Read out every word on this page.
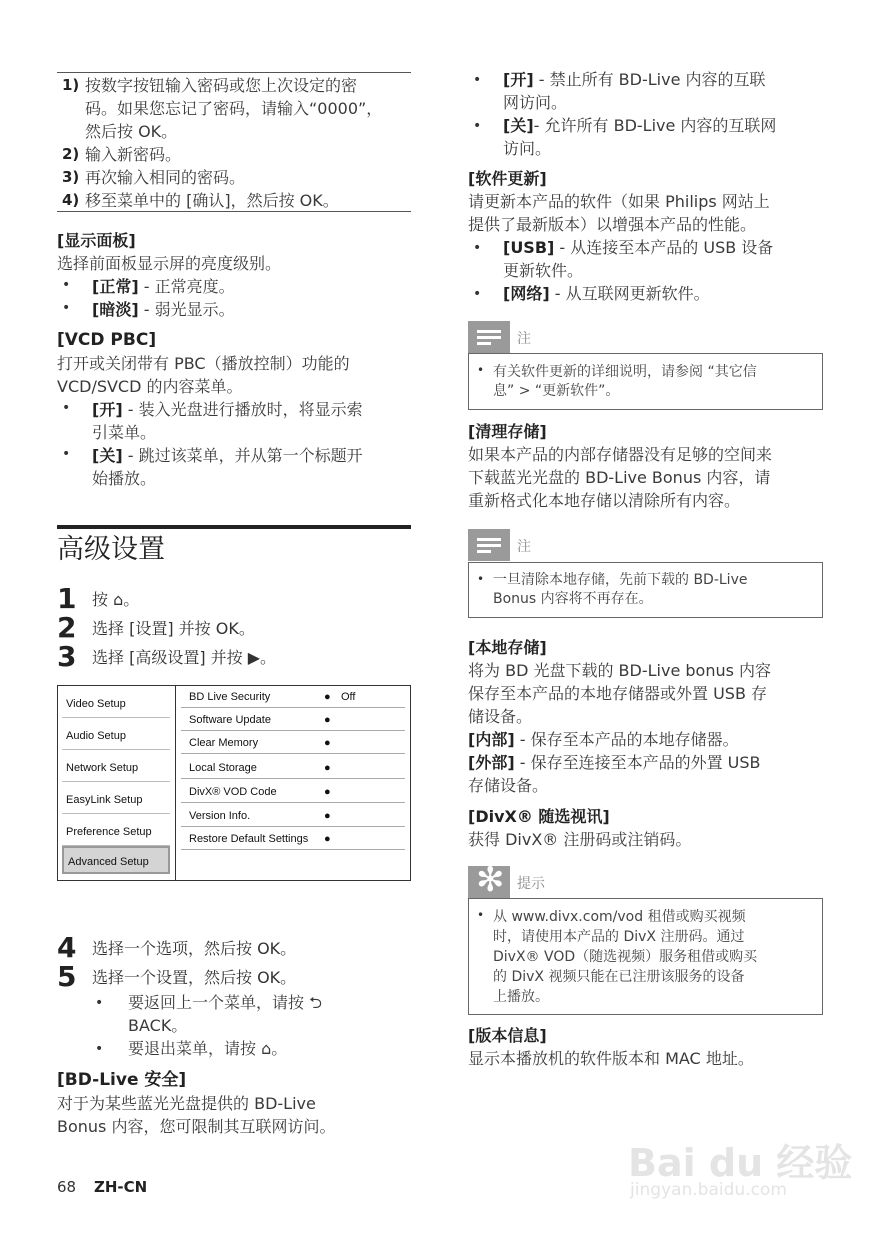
1) 按数字按钮输入密码或您上次设定的密
码。如果您忘记了密码，请输入“0000”，
然后按 OK。
2) 输入新密码。
3) 再次输入相同的密码。
4) 移至菜单中的 [确认]，然后按 OK。
[显示面板]
选择前面板显示屏的亮度级别。
• [正常] - 正常亮度。
• [暗淡] - 弱光显示。
[VCD PBC]
打开或关闭带有 PBC（播放控制）功能的
VCD/SVCD 的内容菜单。
• [开] - 装入光盘进行播放时，将显示索
引菜单。
• [关] - 跳过该菜单，并从第一个标题开
始播放。
高级设置
1 按 ⌂。
2 选择 [设置] 并按 OK。
3 选择 [高级设置] 并按 ▶。
Video Setup
Audio Setup
Network Setup
EasyLink Setup
Preference Setup
Advanced Setup
BD Live Security	● Off
Software Update	●
Clear Memory	●
Local Storage	●
DivX® VOD Code	●
Version Info.	●
Restore Default Settings ●
4 选择一个选项，然后按 OK。
5 选择一个设置，然后按 OK。
• 要返回上一个菜单，请按 ⮌
BACK。
• 要退出菜单，请按 ⌂。
[BD-Live 安全]
对于为某些蓝光光盘提供的 BD-Live
Bonus 内容，您可限制其互联网访问。
68 ZH-CN
• [开] - 禁止所有 BD-Live 内容的互联
网访问。
• [关]- 允许所有 BD-Live 内容的互联网
访问。
[软件更新]
请更新本产品的软件（如果 Philips 网站上
提供了最新版本）以增强本产品的性能。
• [USB] - 从连接至本产品的 USB 设备
更新软件。
• [网络] - 从互联网更新软件。
注
• 有关软件更新的详细说明，请参阅 “其它信
息” > “更新软件”。
[清理存储]
如果本产品的内部存储器没有足够的空间来
下载蓝光光盘的 BD-Live Bonus 内容，请
重新格式化本地存储以清除所有内容。
注
• 一旦清除本地存储，先前下载的 BD-Live
Bonus 内容将不再存在。
[本地存储]
将为 BD 光盘下载的 BD-Live bonus 内容
保存至本产品的本地存储器或外置 USB 存
储设备。
[内部] - 保存至本产品的本地存储器。
[外部] - 保存至连接至本产品的外置 USB
存储设备。
[DivX® 随选视讯]
获得 DivX® 注册码或注销码。
✻ 提示
• 从 www.divx.com/vod 租借或购买视频
时，请使用本产品的 DivX 注册码。通过
DivX® VOD（随选视频）服务租借或购买
的 DivX 视频只能在已注册该服务的设备
上播放。
[版本信息]
显示本播放机的软件版本和 MAC 地址。
Bai du 经验
jingyan.baidu.com
